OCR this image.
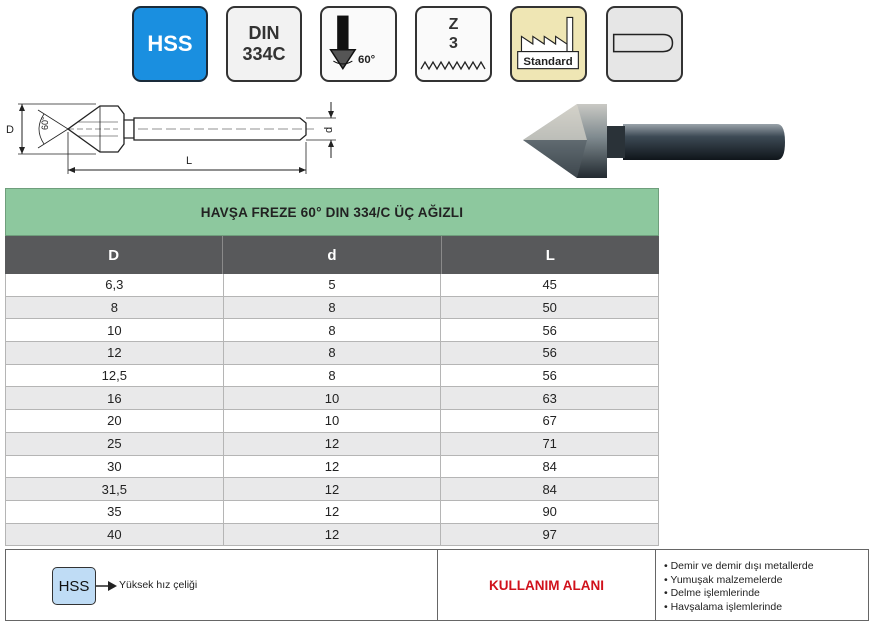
HSS	DIN
334C	60°
Z
3
Standard
D	60°	d
L
HAVŞA FREZE 60° DIN 334/C ÜÇ AĞIZLI
D	d	L
6,3	5	45
8	8	50
10	8	56
12	8	56
12,5	8	56
16	10	63
20	10	67
25	12	71
30	12	84
31,5	12	84
35	12	90
40	12	97
HSS	Yüksek hız çeliği	KULLANIM ALANI
• Demir ve demir dışı metallerde
• Yumuşak malzemelerde
• Delme işlemlerinde
• Havşalama işlemlerinde
